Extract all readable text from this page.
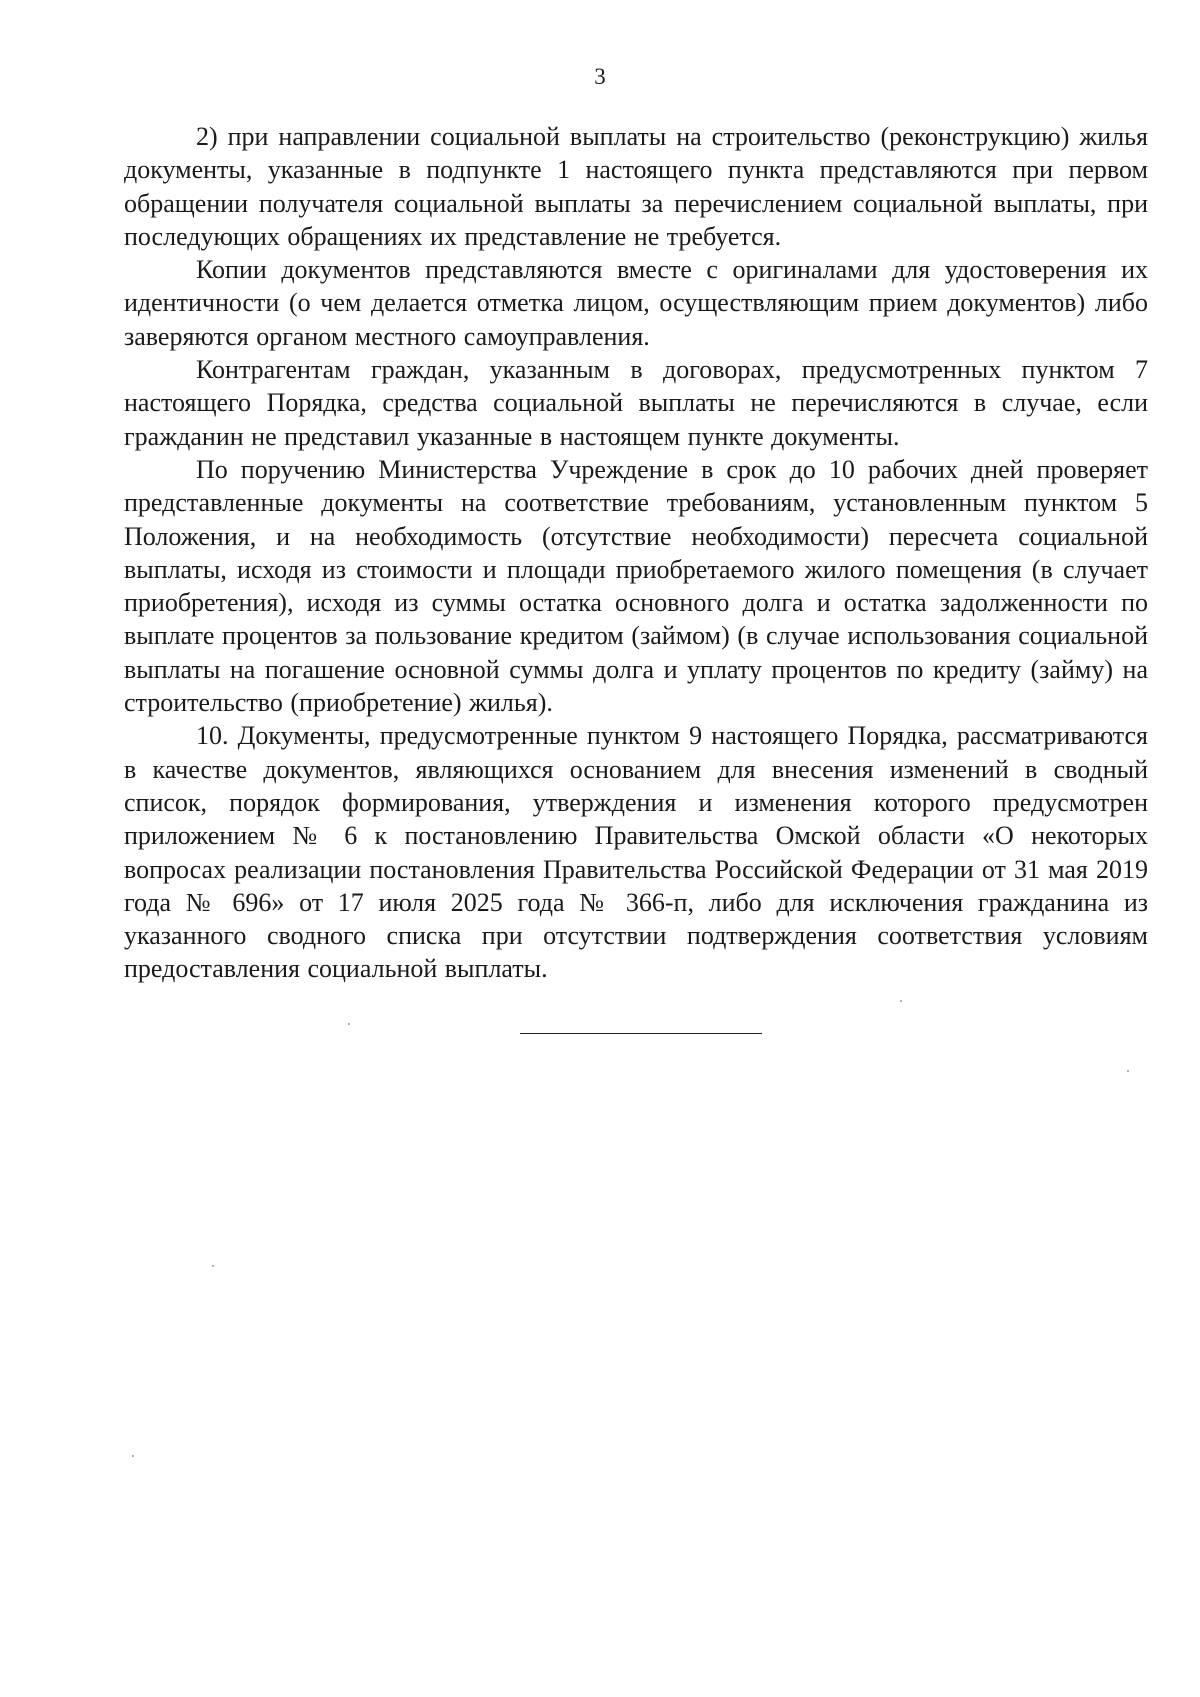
3

2) при направлении социальной выплаты на строительство (реконструкцию) жилья документы, указанные в подпункте 1 настоящего пункта представляются при первом обращении получателя социальной выплаты за перечислением социальной выплаты, при последующих обращениях их представление не требуется.

Копии документов представляются вместе с оригиналами для удостоверения их идентичности (о чем делается отметка лицом, осуществляющим прием документов) либо заверяются органом местного самоуправления.

Контрагентам граждан, указанным в договорах, предусмотренных пунктом 7 настоящего Порядка, средства социальной выплаты не перечисляются в случае, если гражданин не представил указанные в настоящем пункте документы.

По поручению Министерства Учреждение в срок до 10 рабочих дней проверяет представленные документы на соответствие требованиям, установленным пунктом 5 Положения, и на необходимость (отсутствие необходимости) пересчета социальной выплаты, исходя из стоимости и площади приобретаемого жилого помещения (в случает приобретения), исходя из суммы остатка основного долга и остатка задолженности по выплате процентов за пользование кредитом (займом) (в случае использования социальной выплаты на погашение основной суммы долга и уплату процентов по кредиту (займу) на строительство (приобретение) жилья).

10. Документы, предусмотренные пунктом 9 настоящего Порядка, рассматриваются в качестве документов, являющихся основанием для внесения изменений в сводный список, порядок формирования, утверждения и изменения которого предусмотрен приложением № 6 к постановлению Правительства Омской области «О некоторых вопросах реализации постановления Правительства Российской Федерации от 31 мая 2019 года № 696» от 17 июля 2025 года № 366-п, либо для исключения гражданина из указанного сводного списка при отсутствии подтверждения соответствия условиям предоставления социальной выплаты.
